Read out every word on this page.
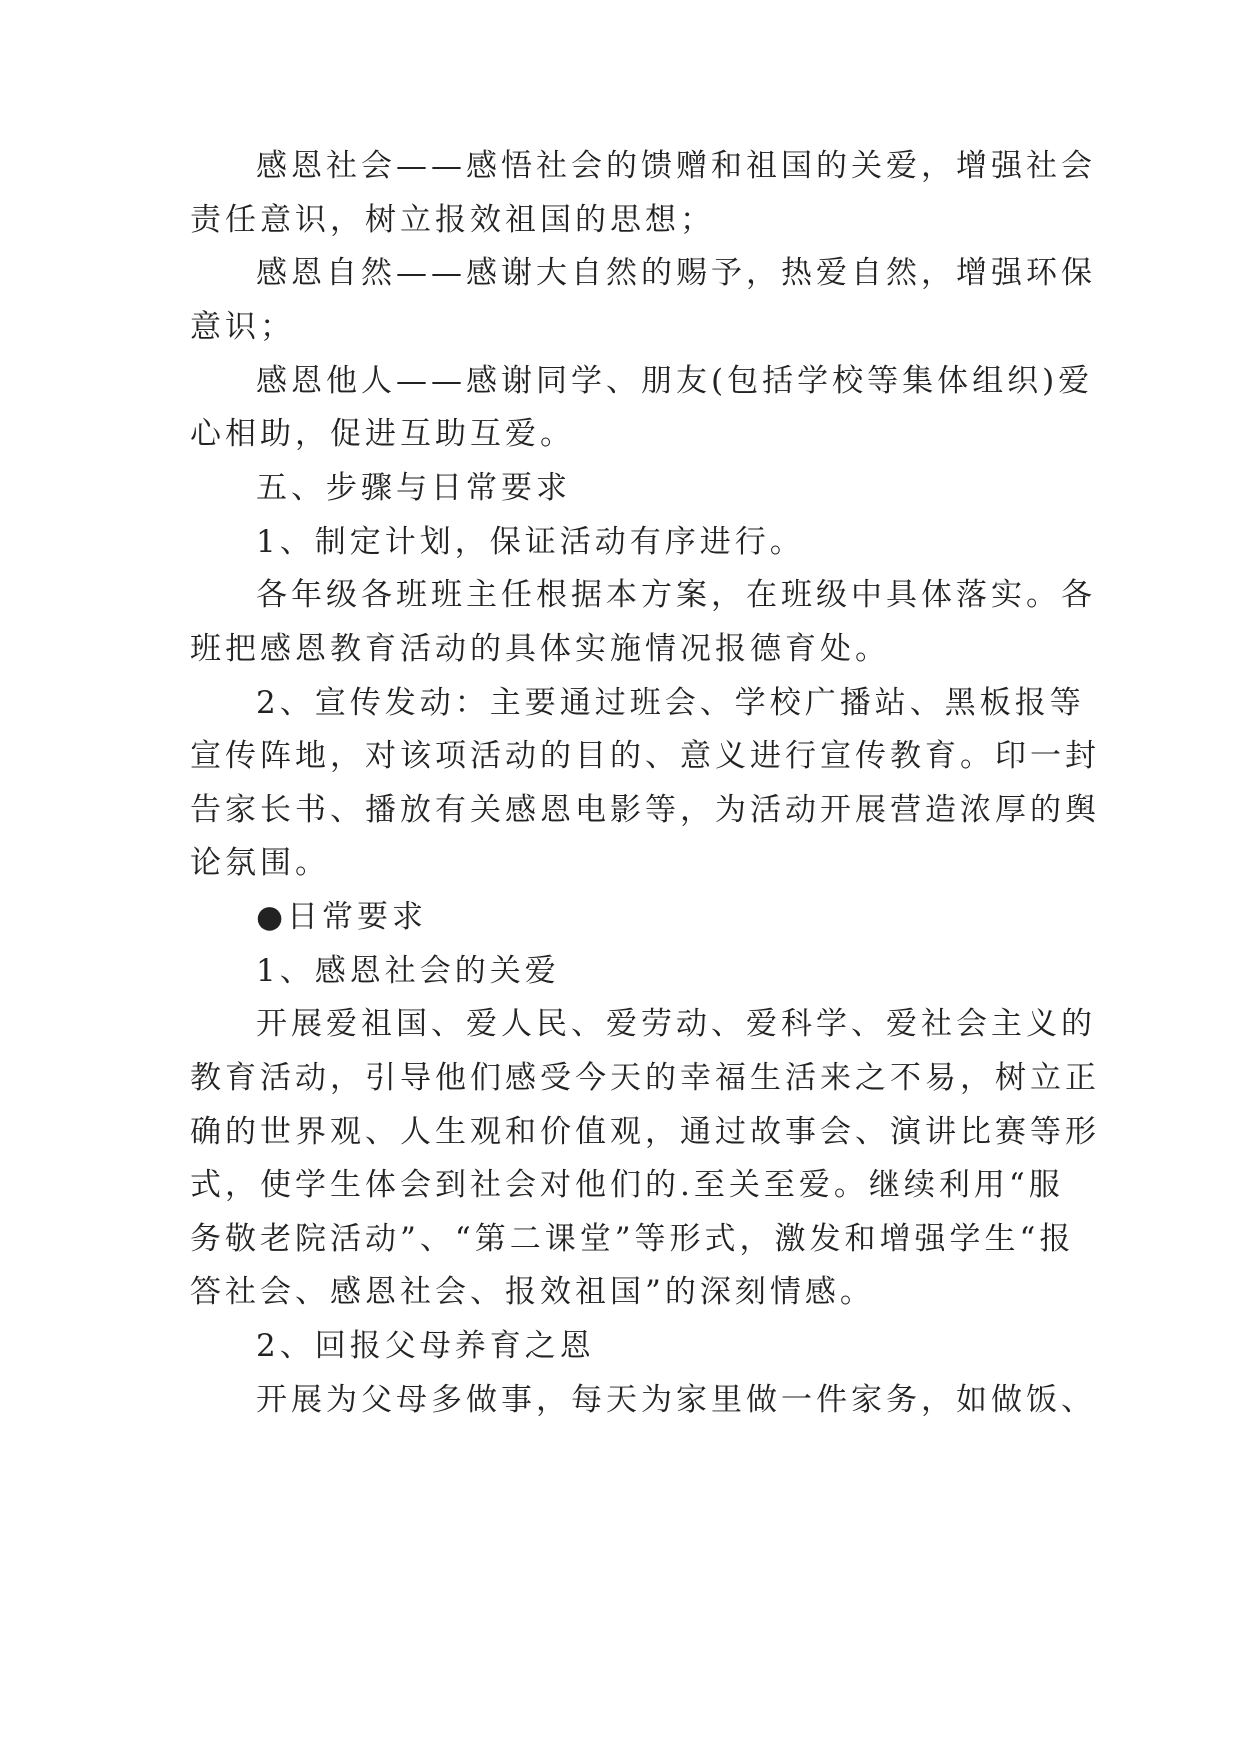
感恩社会——感悟社会的馈赠和祖国的关爱，增强社会
责任意识，树立报效祖国的思想；
感恩自然——感谢大自然的赐予，热爱自然，增强环保
意识；
感恩他人——感谢同学、朋友(包括学校等集体组织)爱
心相助，促进互助互爱。
五、步骤与日常要求
1、制定计划，保证活动有序进行。
各年级各班班主任根据本方案，在班级中具体落实。各
班把感恩教育活动的具体实施情况报德育处。
2、宣传发动：主要通过班会、学校广播站、黑板报等
宣传阵地，对该项活动的目的、意义进行宣传教育。印一封
告家长书、播放有关感恩电影等，为活动开展营造浓厚的舆
论氛围。
●日常要求
1、感恩社会的关爱
开展爱祖国、爱人民、爱劳动、爱科学、爱社会主义的
教育活动，引导他们感受今天的幸福生活来之不易，树立正
确的世界观、人生观和价值观，通过故事会、演讲比赛等形
式，使学生体会到社会对他们的.至关至爱。继续利用“服
务敬老院活动”、“第二课堂”等形式，激发和增强学生“报
答社会、感恩社会、报效祖国”的深刻情感。
2、回报父母养育之恩
开展为父母多做事，每天为家里做一件家务，如做饭、
